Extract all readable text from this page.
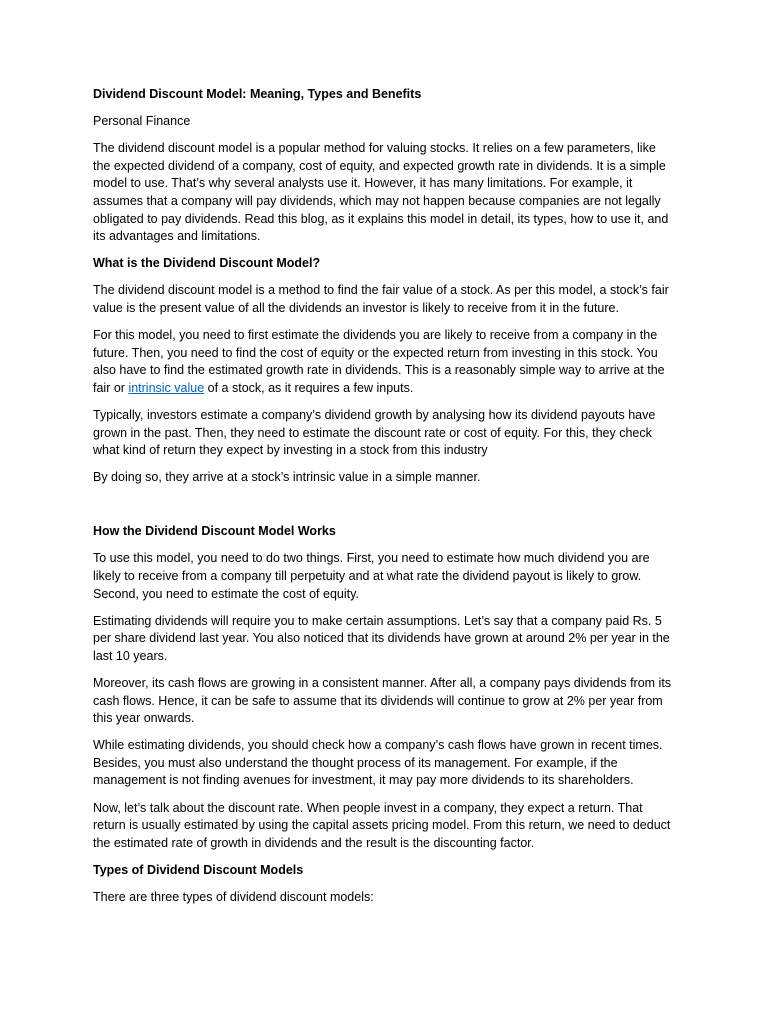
Dividend Discount Model: Meaning, Types and Benefits

Personal Finance

The dividend discount model is a popular method for valuing stocks. It relies on a few parameters, like the expected dividend of a company, cost of equity, and expected growth rate in dividends. It is a simple model to use. That’s why several analysts use it. However, it has many limitations. For example, it assumes that a company will pay dividends, which may not happen because companies are not legally obligated to pay dividends. Read this blog, as it explains this model in detail, its types, how to use it, and its advantages and limitations.

What is the Dividend Discount Model?

The dividend discount model is a method to find the fair value of a stock. As per this model, a stock’s fair value is the present value of all the dividends an investor is likely to receive from it in the future.

For this model, you need to first estimate the dividends you are likely to receive from a company in the future. Then, you need to find the cost of equity or the expected return from investing in this stock. You also have to find the estimated growth rate in dividends. This is a reasonably simple way to arrive at the fair or intrinsic value of a stock, as it requires a few inputs.

Typically, investors estimate a company’s dividend growth by analysing how its dividend payouts have grown in the past. Then, they need to estimate the discount rate or cost of equity. For this, they check what kind of return they expect by investing in a stock from this industry

By doing so, they arrive at a stock’s intrinsic value in a simple manner.

How the Dividend Discount Model Works

To use this model, you need to do two things. First, you need to estimate how much dividend you are likely to receive from a company till perpetuity and at what rate the dividend payout is likely to grow. Second, you need to estimate the cost of equity.

Estimating dividends will require you to make certain assumptions. Let’s say that a company paid Rs. 5 per share dividend last year. You also noticed that its dividends have grown at around 2% per year in the last 10 years.

Moreover, its cash flows are growing in a consistent manner. After all, a company pays dividends from its cash flows. Hence, it can be safe to assume that its dividends will continue to grow at 2% per year from this year onwards.

While estimating dividends, you should check how a company’s cash flows have grown in recent times. Besides, you must also understand the thought process of its management. For example, if the management is not finding avenues for investment, it may pay more dividends to its shareholders.

Now, let’s talk about the discount rate. When people invest in a company, they expect a return. That return is usually estimated by using the capital assets pricing model. From this return, we need to deduct the estimated rate of growth in dividends and the result is the discounting factor.

Types of Dividend Discount Models

There are three types of dividend discount models:
